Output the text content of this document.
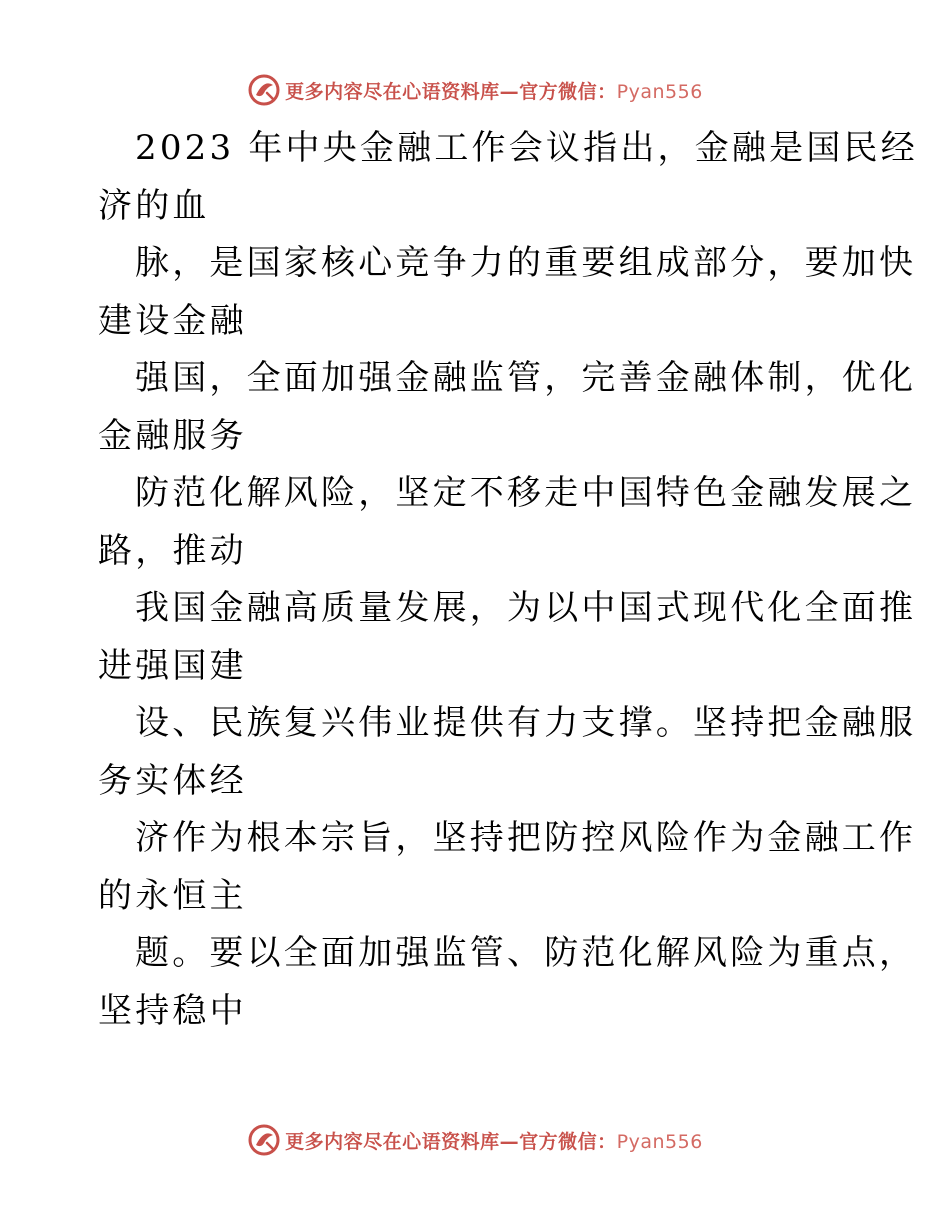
更多内容尽在心语资料库—官方微信：Pyan556
2023 年中央金融工作会议指出，金融是国民经
济的血
脉，是国家核心竞争力的重要组成部分，要加快
建设金融
强国，全面加强金融监管，完善金融体制，优化
金融服务
防范化解风险，坚定不移走中国特色金融发展之
路，推动
我国金融高质量发展，为以中国式现代化全面推
进强国建
设、民族复兴伟业提供有力支撑。坚持把金融服
务实体经
济作为根本宗旨，坚持把防控风险作为金融工作
的永恒主
题。要以全面加强监管、防范化解风险为重点，
坚持稳中
更多内容尽在心语资料库—官方微信：Pyan556
